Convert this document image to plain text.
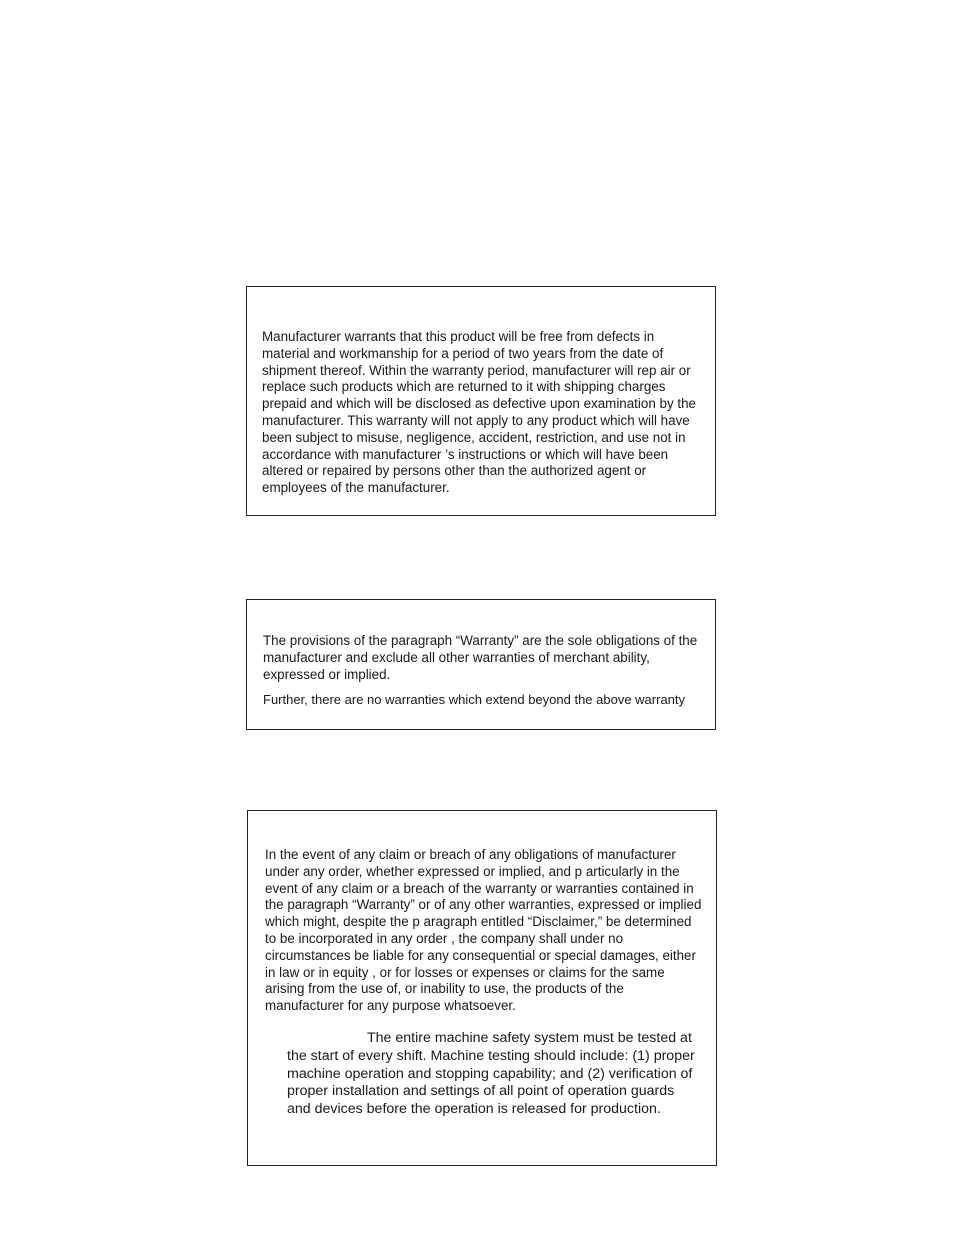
Manufacturer warrants that this product will be free from defects in material and workmanship for a period of two years from the date of shipment thereof. Within the warranty period, manufacturer will rep air or replace such products which are returned to it with shipping charges prepaid and which will be disclosed as defective upon examination by the manufacturer. This warranty will not apply to any product which will have been subject to misuse, negligence, accident, restriction, and use not in accordance with manufacturer ’s instructions or which will have been altered or repaired by persons other than the authorized agent or employees of the manufacturer.

The provisions of the paragraph “Warranty” are the sole obligations of the manufacturer and exclude all other warranties of merchant ability, expressed or implied.

Further, there are no warranties which extend beyond the above warranty

In the event of any claim or breach of any obligations of manufacturer under any order, whether expressed or implied, and p articularly in the event of any claim or a breach of the warranty or warranties contained in the paragraph “Warranty” or of any other warranties, expressed or implied which might, despite the p aragraph entitled “Disclaimer,” be determined to be incorporated in any order , the company shall under no circumstances be liable for any consequential or special damages, either in law or in equity , or for losses or expenses or claims for the same arising from the use of, or inability to use, the products of the manufacturer for any purpose whatsoever.

The entire machine safety system must be tested at the start of every shift. Machine testing should include: (1) proper machine operation and stopping capability; and (2) verification of proper installation and settings of all point of operation guards and devices before the operation is released for production.
